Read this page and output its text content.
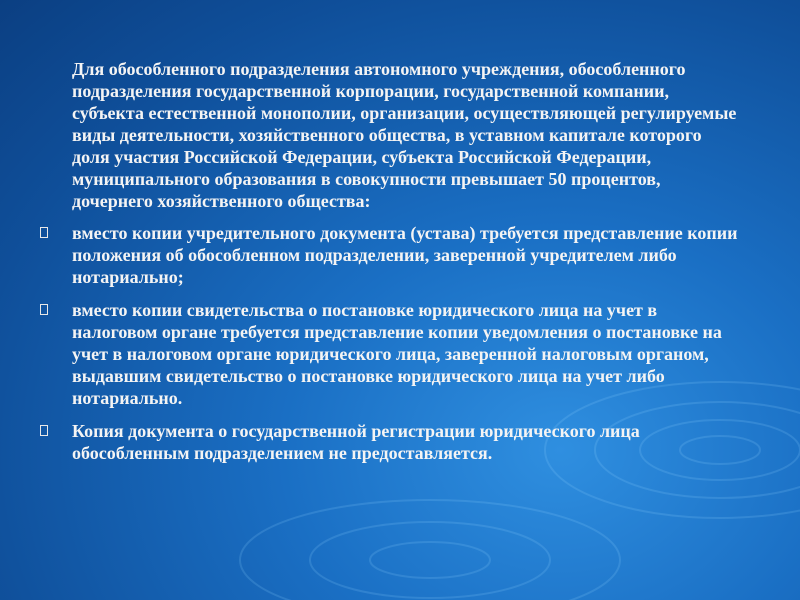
Для обособленного подразделения автономного учреждения, обособленного подразделения государственной корпорации, государственной компании, субъекта естественной монополии, организации, осуществляющей регулируемые виды деятельности, хозяйственного общества, в уставном капитале которого доля участия Российской Федерации, субъекта Российской Федерации, муниципального образования в совокупности превышает 50 процентов, дочернего хозяйственного общества:

вместо копии учредительного документа (устава) требуется представление копии положения об обособленном подразделении, заверенной учредителем либо нотариально;
вместо копии свидетельства о постановке юридического лица на учет в налоговом органе требуется представление копии уведомления о постановке на учет в налоговом органе юридического лица, заверенной налоговым органом, выдавшим свидетельство о постановке юридического лица на учет либо нотариально.
Копия документа о государственной регистрации юридического лица обособленным подразделением не предоставляется.
